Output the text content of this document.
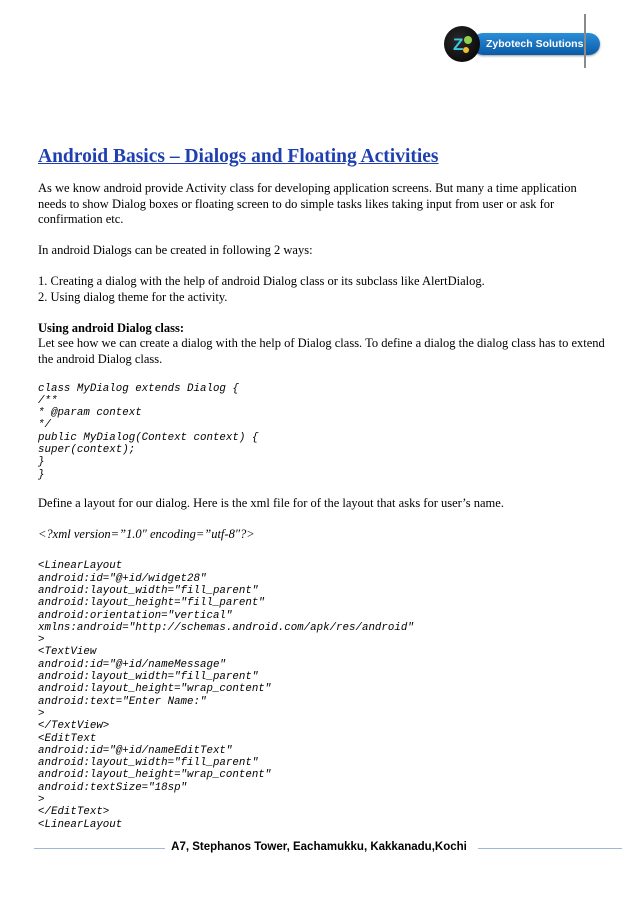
Z	Zybotech Solutions
Android Basics – Dialogs and Floating Activities

As we know android provide Activity class for developing application screens. But many a time application needs to show Dialog boxes or floating screen to do simple tasks likes taking input from user or ask for confirmation etc.

In android Dialogs can be created in following 2 ways:

1. Creating a dialog with the help of android Dialog class or its subclass like AlertDialog.
2. Using dialog theme for the activity.

Using android Dialog class:

Let see how we can create a dialog with the help of Dialog class. To define a dialog the dialog class has to extend the android Dialog class.

class MyDialog extends Dialog {
/**
* @param context
*/
public MyDialog(Context context) {
super(context);
}
}

Define a layout for our dialog. Here is the xml file for of the layout that asks for user’s name.

<?xml version=”1.0″ encoding=”utf-8″?>

<LinearLayout
android:id="@+id/widget28"
android:layout_width="fill_parent"
android:layout_height="fill_parent"
android:orientation="vertical"
xmlns:android="http://schemas.android.com/apk/res/android"
>
<TextView
android:id="@+id/nameMessage"
android:layout_width="fill_parent"
android:layout_height="wrap_content"
android:text="Enter Name:"
>
</TextView>
<EditText
android:id="@+id/nameEditText"
android:layout_width="fill_parent"
android:layout_height="wrap_content"
android:textSize="18sp"
>
</EditText>
<LinearLayout
A7, Stephanos Tower, Eachamukku, Kakkanadu,Kochi
